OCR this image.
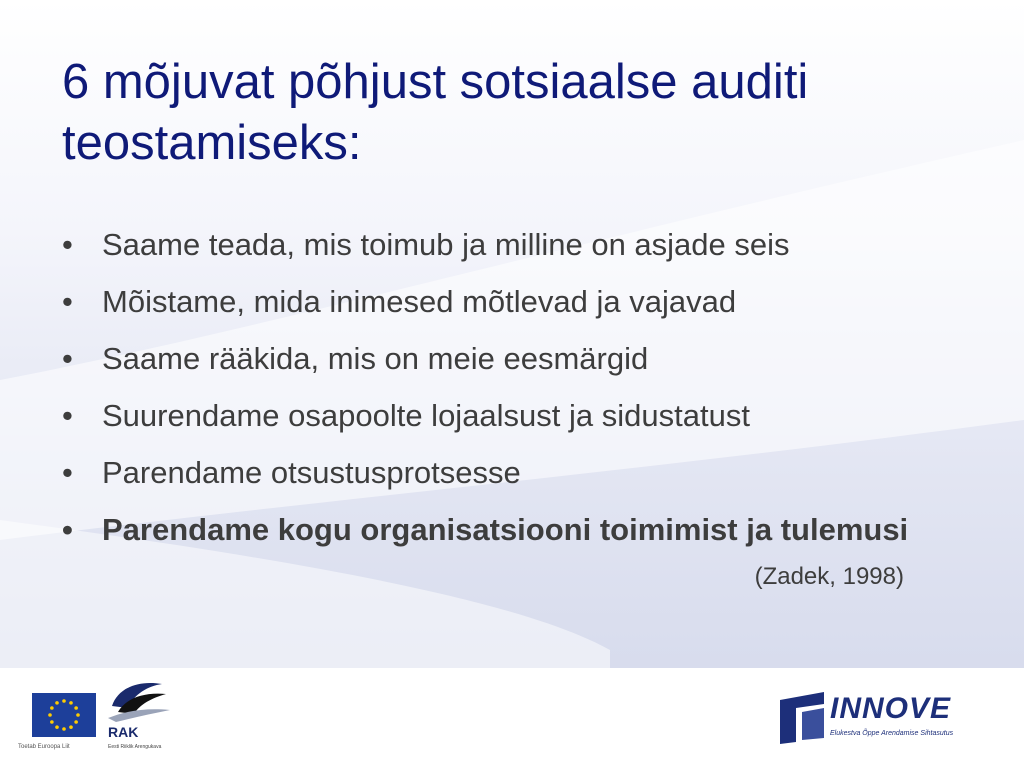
6 mõjuvat põhjust sotsiaalse auditi teostamiseks:
• Saame teada, mis toimub ja milline on asjade seis
• Mõistame, mida inimesed mõtlevad ja vajavad
• Saame rääkida, mis on meie eesmärgid
• Suurendame osapoolte lojaalsust ja sidustatust
• Parendame otsustusprotsesse
• Parendame kogu organisatsiooni toimimist ja tulemusi
(Zadek, 1998)
Toetab Euroopa Liit
RAK
Eesti Riiklik Arengukava
INNOVE
Elukestva Õppe Arendamise Sihtasutus
